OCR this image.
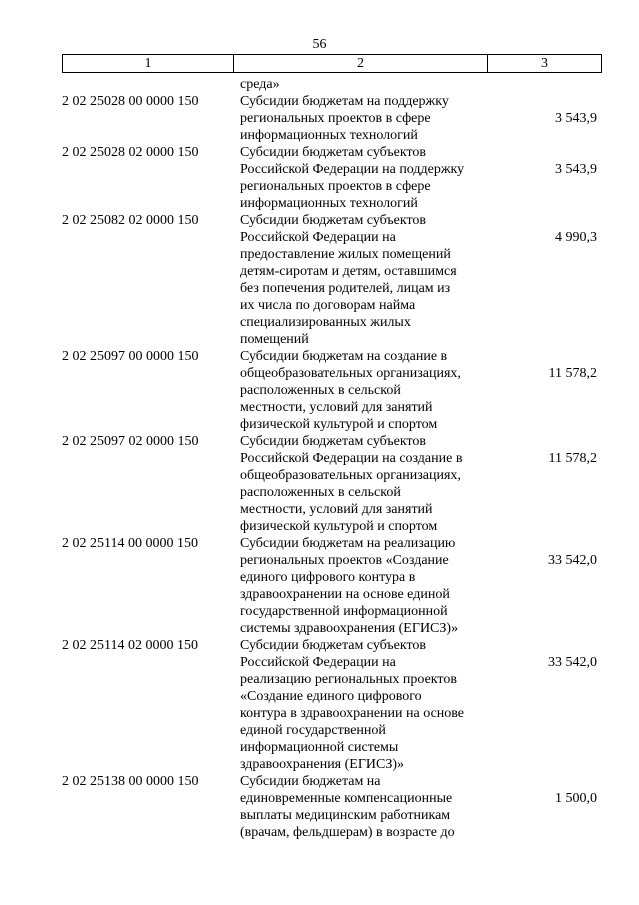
56
1	2	3
среда»
2 02 25028 00 0000 150	Субсидии бюджетам на поддержку
региональных проектов в сфере
информационных технологий
3 543,9
2 02 25028 02 0000 150	Субсидии бюджетам субъектов
Российской Федерации на поддержку
региональных проектов в сфере
информационных технологий
3 543,9
2 02 25082 02 0000 150	Субсидии бюджетам субъектов
Российской Федерации на
предоставление жилых помещений
детям-сиротам и детям, оставшимся
без попечения родителей, лицам из
их числа по договорам найма
специализированных жилых
помещений
4 990,3
2 02 25097 00 0000 150	Субсидии бюджетам на создание в
общеобразовательных организациях,
расположенных в сельской
местности, условий для занятий
физической культурой и спортом
11 578,2
2 02 25097 02 0000 150	Субсидии бюджетам субъектов
Российской Федерации на создание в
общеобразовательных организациях,
расположенных в сельской
местности, условий для занятий
физической культурой и спортом
11 578,2
2 02 25114 00 0000 150	Субсидии бюджетам на реализацию
региональных проектов «Создание
единого цифрового контура в
здравоохранении на основе единой
государственной информационной
системы здравоохранения (ЕГИСЗ)»
33 542,0
2 02 25114 02 0000 150	Субсидии бюджетам субъектов
Российской Федерации на
реализацию региональных проектов
«Создание единого цифрового
контура в здравоохранении на основе
единой государственной
информационной системы
здравоохранения (ЕГИСЗ)»
33 542,0
2 02 25138 00 0000 150	Субсидии бюджетам на
единовременные компенсационные
выплаты медицинским работникам
(врачам, фельдшерам) в возрасте до
1 500,0
